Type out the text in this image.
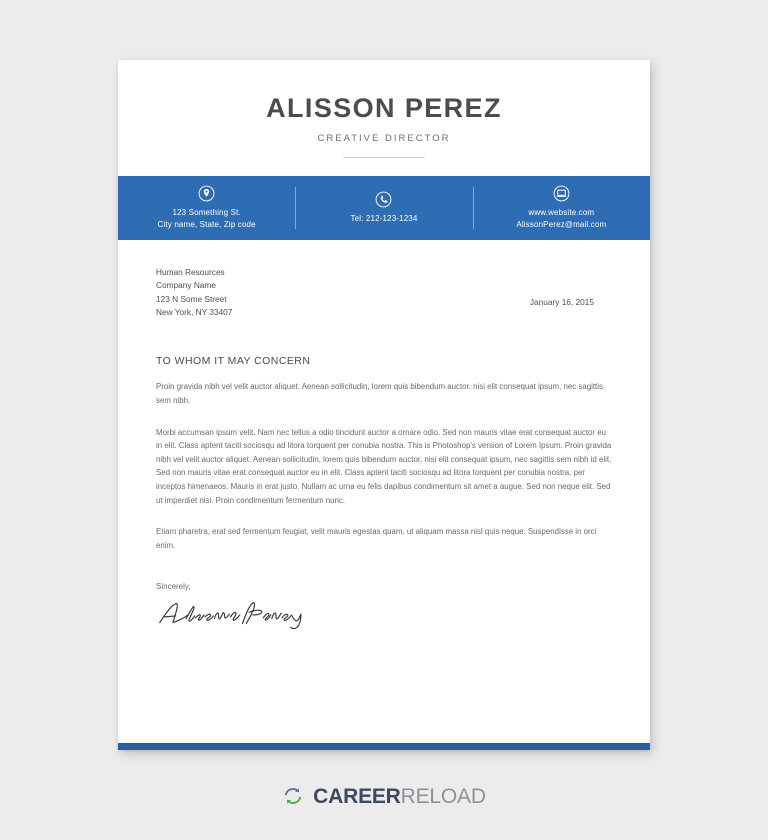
ALISSON PEREZ
CREATIVE DIRECTOR
123 Something St.
City name, State, Zip code
Tel: 212-123-1234
www.website.com
AlissonPerez@mail.com
Human Resources
Company Name
123 N Some Street
New York, NY 33407
January 16, 2015
TO WHOM IT MAY CONCERN

Proin gravida nibh vel velit auctor aliquet. Aenean sollicitudin, lorem quis bibendum auctor, nisi elit consequat ipsum, nec sagittis sem nibh.

Morbi accumsan ipsum velit. Nam nec tellus a odio tincidunt auctor a ornare odio. Sed non mauris vitae erat consequat auctor eu in elit. Class aptent taciti sociosqu ad litora torquent per conubia nostra. This is Photoshop's version of Lorem Ipsum. Proin gravida nibh vel velit auctor aliquet. Aenean sollicitudin, lorem quis bibendum auctor, nisi elit consequat ipsum, nec sagittis sem nibh id elit. Sed non mauris vitae erat consequat auctor eu in elit. Class aptent taciti sociosqu ad litora torquent per conubia nostra, per inceptos himenaeos. Mauris in erat justo. Nullam ac urna eu felis dapibus condimentum sit amet a augue. Sed non neque elit. Sed ut imperdiet nisi. Proin condimentum fermentum nunc.

Etiam pharetra, erat sed fermentum feugiat, velit mauris egestas quam, ut aliquam massa nisl quis neque. Suspendisse in orci enim.

Sincerely,
CAREERRELOAD
